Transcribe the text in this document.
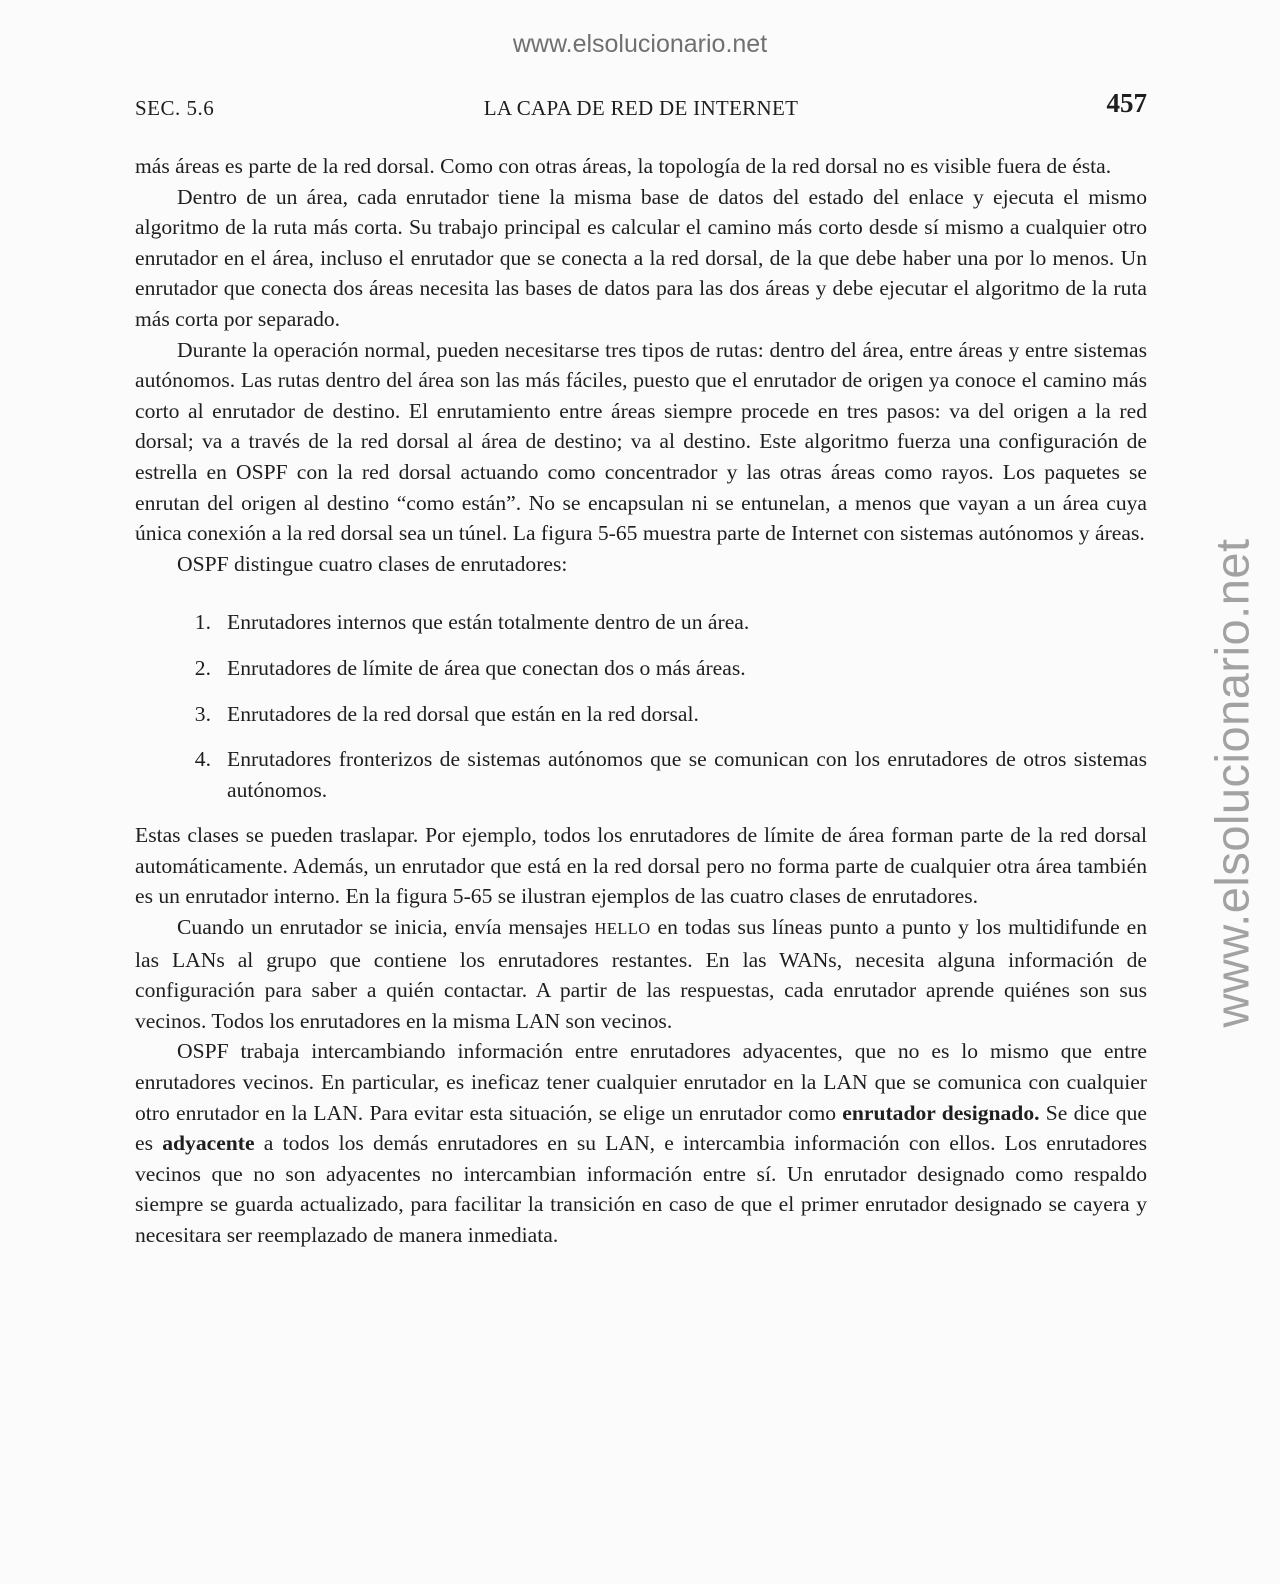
www.elsolucionario.net
www.elsolucionario.net
SEC. 5.6	LA CAPA DE RED DE INTERNET	457

más áreas es parte de la red dorsal. Como con otras áreas, la topología de la red dorsal no es visible fuera de ésta.

Dentro de un área, cada enrutador tiene la misma base de datos del estado del enlace y ejecuta el mismo algoritmo de la ruta más corta. Su trabajo principal es calcular el camino más corto desde sí mismo a cualquier otro enrutador en el área, incluso el enrutador que se conecta a la red dorsal, de la que debe haber una por lo menos. Un enrutador que conecta dos áreas necesita las bases de datos para las dos áreas y debe ejecutar el algoritmo de la ruta más corta por separado.

Durante la operación normal, pueden necesitarse tres tipos de rutas: dentro del área, entre áreas y entre sistemas autónomos. Las rutas dentro del área son las más fáciles, puesto que el enrutador de origen ya conoce el camino más corto al enrutador de destino. El enrutamiento entre áreas siempre procede en tres pasos: va del origen a la red dorsal; va a través de la red dorsal al área de destino; va al destino. Este algoritmo fuerza una configuración de estrella en OSPF con la red dorsal actuando como concentrador y las otras áreas como rayos. Los paquetes se enrutan del origen al destino “como están”. No se encapsulan ni se entunelan, a menos que vayan a un área cuya única conexión a la red dorsal sea un túnel. La figura 5-65 muestra parte de Internet con sistemas autónomos y áreas.

OSPF distingue cuatro clases de enrutadores:

1. Enrutadores internos que están totalmente dentro de un área.
2. Enrutadores de límite de área que conectan dos o más áreas.
3. Enrutadores de la red dorsal que están en la red dorsal.
4. Enrutadores fronterizos de sistemas autónomos que se comunican con los enrutadores de otros sistemas autónomos.

Estas clases se pueden traslapar. Por ejemplo, todos los enrutadores de límite de área forman parte de la red dorsal automáticamente. Además, un enrutador que está en la red dorsal pero no forma parte de cualquier otra área también es un enrutador interno. En la figura 5-65 se ilustran ejemplos de las cuatro clases de enrutadores.

Cuando un enrutador se inicia, envía mensajes HELLO en todas sus líneas punto a punto y los multidifunde en las LANs al grupo que contiene los enrutadores restantes. En las WANs, necesita alguna información de configuración para saber a quién contactar. A partir de las respuestas, cada enrutador aprende quiénes son sus vecinos. Todos los enrutadores en la misma LAN son vecinos.

OSPF trabaja intercambiando información entre enrutadores adyacentes, que no es lo mismo que entre enrutadores vecinos. En particular, es ineficaz tener cualquier enrutador en la LAN que se comunica con cualquier otro enrutador en la LAN. Para evitar esta situación, se elige un enrutador como enrutador designado. Se dice que es adyacente a todos los demás enrutadores en su LAN, e intercambia información con ellos. Los enrutadores vecinos que no son adyacentes no intercambian información entre sí. Un enrutador designado como respaldo siempre se guarda actualizado, para facilitar la transición en caso de que el primer enrutador designado se cayera y necesitara ser reemplazado de manera inmediata.
